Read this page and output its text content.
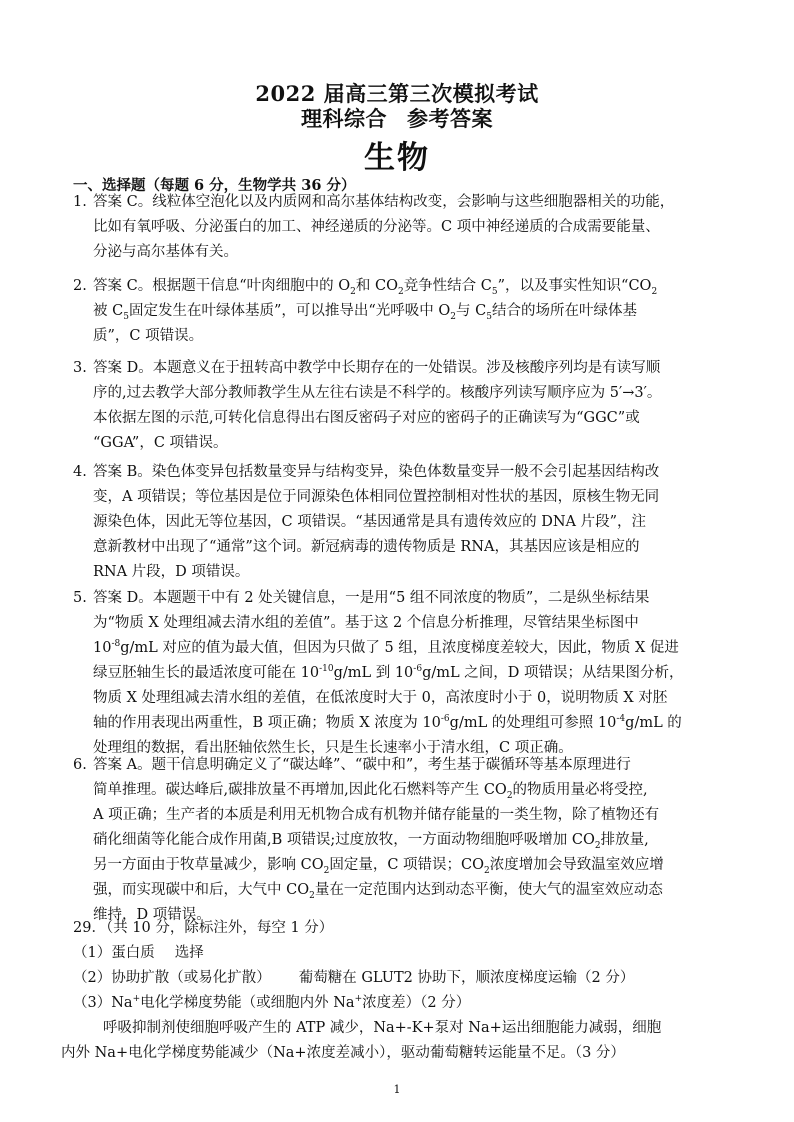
2022 届高三第三次模拟考试
理科综合 参考答案
生物
一、选择题（每题 6 分，生物学共 36 分）
1. 答案 C。线粒体空泡化以及内质网和高尔基体结构改变，会影响与这些细胞器相关的功能，
比如有氧呼吸、分泌蛋白的加工、神经递质的分泌等。C 项中神经递质的合成需要能量、
分泌与高尔基体有关。
2. 答案 C。根据题干信息“叶肉细胞中的 $O_2$和 $CO_2$竞争性结合 $C_5$”，以及事实性知识“$CO_2$
被 $C_5$固定发生在叶绿体基质”，可以推导出“光呼吸中 $O_2$与 $C_5$结合的场所在叶绿体基
质”，C 项错误。
3. 答案 D。本题意义在于扭转高中教学中长期存在的一处错误。涉及核酸序列均是有读写顺
序的,过去教学大部分教师教学生从左往右读是不科学的。核酸序列读写顺序应为 5′→3′。
本依据左图的示范,可转化信息得出右图反密码子对应的密码子的正确读写为“GGC”或
“GGA”，C 项错误。
4. 答案 B。染色体变异包括数量变异与结构变异，染色体数量变异一般不会引起基因结构改
变，A 项错误；等位基因是位于同源染色体相同位置控制相对性状的基因，原核生物无同
源染色体，因此无等位基因，C 项错误。“基因通常是具有遗传效应的 DNA 片段”，注
意新教材中出现了“通常”这个词。新冠病毒的遗传物质是 RNA，其基因应该是相应的
RNA 片段，D 项错误。
5. 答案 D。本题题干中有 2 处关键信息，一是用“5 组不同浓度的物质”，二是纵坐标结果
为“物质 X 处理组减去清水组的差值”。基于这 2 个信息分析推理，尽管结果坐标图中
$10^{-8}g/mL$ 对应的值为最大值，但因为只做了 5 组，且浓度梯度差较大，因此，物质 X 促进
绿豆胚轴生长的最适浓度可能在 $10^{-10}g/mL$ 到 $10^{-6}g/mL$ 之间，D 项错误；从结果图分析，
物质 X 处理组减去清水组的差值，在低浓度时大于 0，高浓度时小于 0，说明物质 X 对胚
轴的作用表现出两重性，B 项正确；物质 X 浓度为 $10^{-6}g/mL$ 的处理组可参照 $10^{-4}g/mL$ 的
处理组的数据，看出胚轴依然生长，只是生长速率小于清水组，C 项正确。
6. 答案 A。题干信息明确定义了“碳达峰”、“碳中和”，考生基于碳循环等基本原理进行
简单推理。碳达峰后,碳排放量不再增加,因此化石燃料等产生 $CO_2$的物质用量必将受控,
A 项正确；生产者的本质是利用无机物合成有机物并储存能量的一类生物，除了植物还有
硝化细菌等化能合成作用菌,B 项错误;过度放牧，一方面动物细胞呼吸增加 $CO_2$排放量,
另一方面由于牧草量减少，影响 $CO_2$固定量，C 项错误；$CO_2$浓度增加会导致温室效应增
强，而实现碳中和后，大气中 $CO_2$量在一定范围内达到动态平衡，使大气的温室效应动态
维持，D 项错误。
29．（共 10 分，除标注外，每空 1 分）
（1）蛋白质 选择
（2）协助扩散（或易化扩散） 葡萄糖在 GLUT2 协助下，顺浓度梯度运输（2 分）
（3）Na+电化学梯度势能（或细胞内外 Na+浓度差）（2 分）
呼吸抑制剂使细胞呼吸产生的 ATP 减少，Na+-K+泵对 Na+运出细胞能力减弱，细胞
内外 Na+电化学梯度势能减少（Na+浓度差减小），驱动葡萄糖转运能量不足。（3 分）
1
